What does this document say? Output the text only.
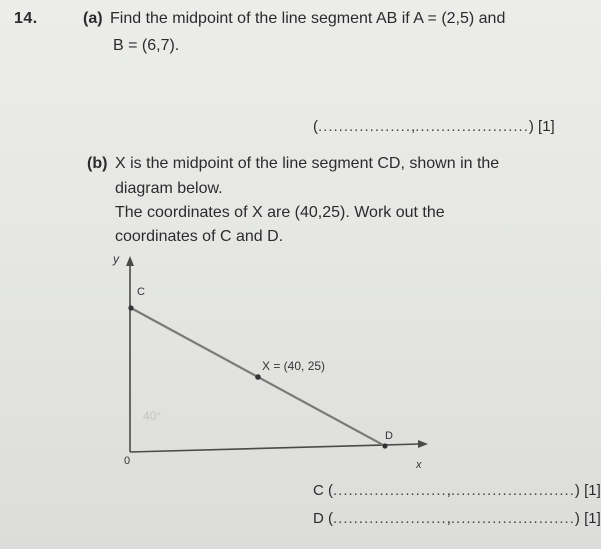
14.	(a) Find the midpoint of the line segment AB if A = (2,5) and
B = (6,7).
(..................,......................) [1]
(b) X is the midpoint of the line segment CD, shown in the
diagram below.
The coordinates of X are (40,25). Work out the
coordinates of C and D.
y
C
X = (40, 25)
D
0	x
40°
C (......................,........................) [1]
D (......................,........................) [1]
